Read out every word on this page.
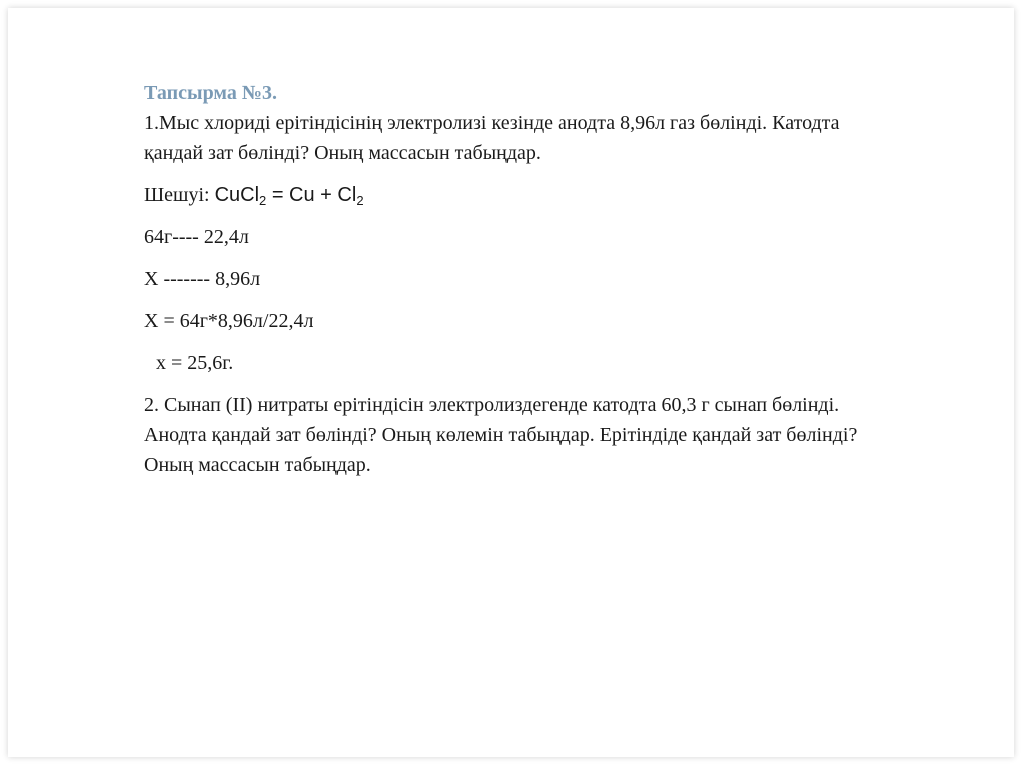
Тапсырма №3.

1.Мыс хлориді ерітіндісінің электролизі кезінде анодта 8,96л газ бөлінді. Катодта қандай зат бөлінді? Оның массасын табыңдар.

Шешуі: CuCl$_2$ = $Cu + Cl_2$
64г---- 22,4л
X ------- 8,96л
X = 64г*8,96л/22,4л
x = 25,6г.

2. Сынап (ІІ) нитраты ерітіндісін электролиздегенде катодта 60,3 г сынап бөлінді. Анодта қандай зат бөлінді? Оның көлемін табыңдар. Ерітіндіде қандай зат бөлінді? Оның массасын табыңдар.
